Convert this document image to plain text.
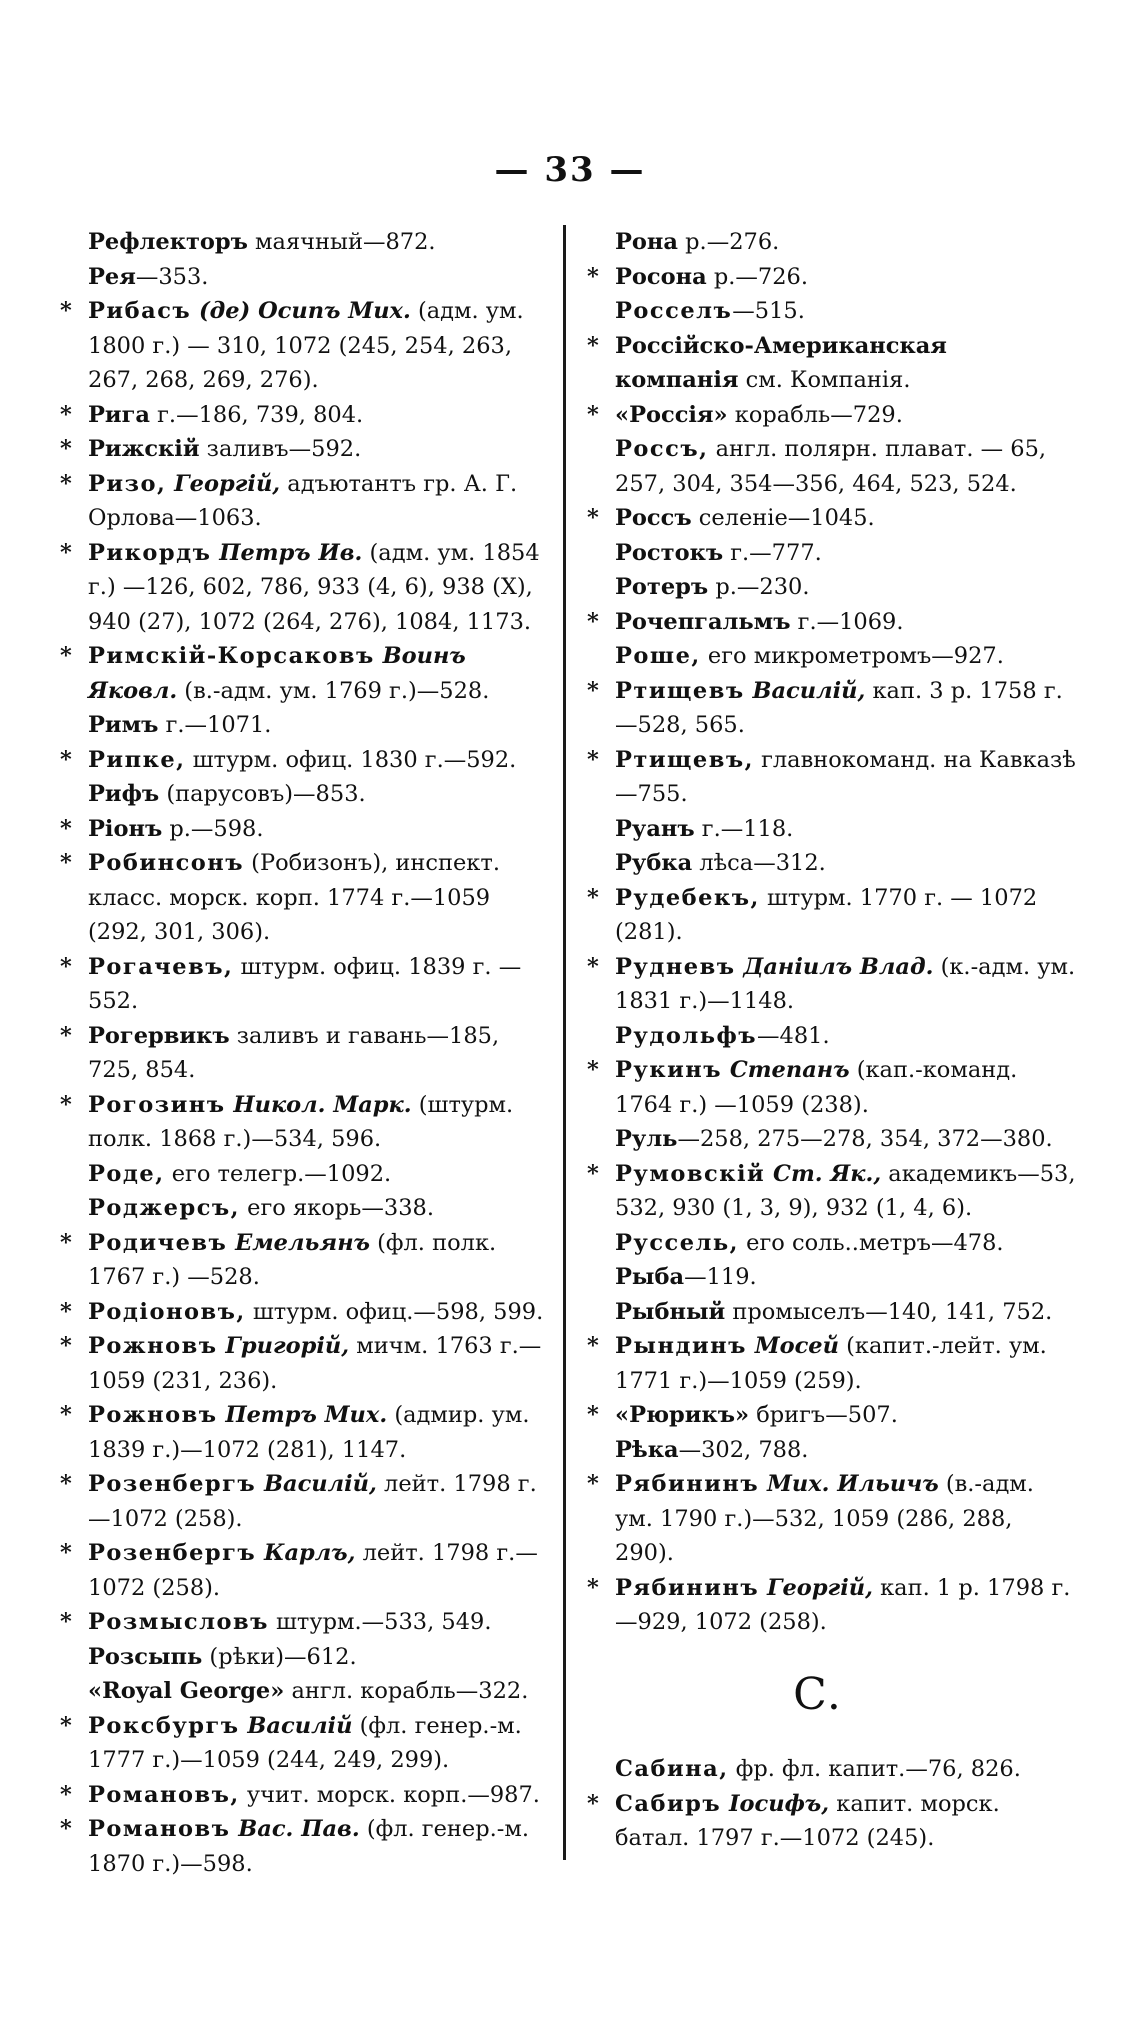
— 33 —
Рефлекторъ маячный—872.
Рея—353.
* Рибасъ (де) Осипъ Мих. (адм. ум. 1800 г.) — 310, 1072 (245, 254, 263, 267, 268, 269, 276).
* Рига г.—186, 739, 804.
* Рижскій заливъ—592.
* Ризо, Георгій, адъютантъ гр. А. Г. Орлова—1063.
* Рикордъ Петръ Ив. (адм. ум. 1854 г.) —126, 602, 786, 933 (4, 6), 938 (X), 940 (27), 1072 (264, 276), 1084, 1173.
* Римскій-Корсаковъ Воинъ Яковл. (в.-адм. ум. 1769 г.)—528.
Римъ г.—1071.
* Рипке, штурм. офиц. 1830 г.—592.
Рифъ (парусовъ)—853.
* Ріонъ р.—598.
* Робинсонъ (Робизонъ), инспект. класс. морск. корп. 1774 г.—1059 (292, 301, 306).
* Рогачевъ, штурм. офиц. 1839 г. — 552.
* Рогервикъ заливъ и гавань—185, 725, 854.
* Рогозинъ Никол. Марк. (штурм. полк. 1868 г.)—534, 596.
Роде, его телегр.—1092.
Роджерсъ, его якорь—338.
* Родичевъ Емельянъ (фл. полк. 1767 г.) —528.
* Родіоновъ, штурм. офиц.—598, 599.
* Рожновъ Григорій, мичм. 1763 г.— 1059 (231, 236).
* Рожновъ Петръ Мих. (адмир. ум. 1839 г.)—1072 (281), 1147.
* Розенбергъ Василій, лейт. 1798 г. —1072 (258).
* Розенбергъ Карлъ, лейт. 1798 г.— 1072 (258).
* Розмысловъ штурм.—533, 549.
Розсыпь (рѣки)—612.
«Royal George» англ. корабль—322.
* Роксбургъ Василій (фл. генер.-м. 1777 г.)—1059 (244, 249, 299).
* Романовъ, учит. морск. корп.—987.
* Романовъ Вас. Пав. (фл. генер.-м. 1870 г.)—598.
Рона р.—276.
* Росона р.—726.
Росселъ—515.
* Россійско-Американская компанія см. Компанія.
* «Россія» корабль—729.
Россъ, англ. полярн. плават. — 65, 257, 304, 354—356, 464, 523, 524.
* Россъ селеніе—1045.
Ростокъ г.—777.
Ротеръ р.—230.
* Рочепгальмъ г.—1069.
Роше, его микрометромъ—927.
* Ртищевъ Василій, кап. 3 р. 1758 г. —528, 565.
* Ртищевъ, главнокоманд. на Кавказѣ —755.
Руанъ г.—118.
Рубка лѣса—312.
* Рудебекъ, штурм. 1770 г. — 1072 (281).
* Рудневъ Даніилъ Влад. (к.-адм. ум. 1831 г.)—1148.
Рудольфъ—481.
* Рукинъ Степанъ (кап.-команд. 1764 г.) —1059 (238).
Руль—258, 275—278, 354, 372—380.
* Румовскій Ст. Як., академикъ—53, 532, 930 (1, 3, 9), 932 (1, 4, 6).
Руссель, его соль..метръ—478.
Рыба—119.
Рыбный промыселъ—140, 141, 752.
* Рындинъ Мосей (капит.-лейт. ум. 1771 г.)—1059 (259).
* «Рюрикъ» бригъ—507.
Рѣка—302, 788.
* Рябининъ Мих. Ильичъ (в.-адм. ум. 1790 г.)—532, 1059 (286, 288, 290).
* Рябининъ Георгій, кап. 1 р. 1798 г. —929, 1072 (258).
С.
Сабина, фр. фл. капит.—76, 826.
* Сабиръ Іосифъ, капит. морск. батал. 1797 г.—1072 (245).
